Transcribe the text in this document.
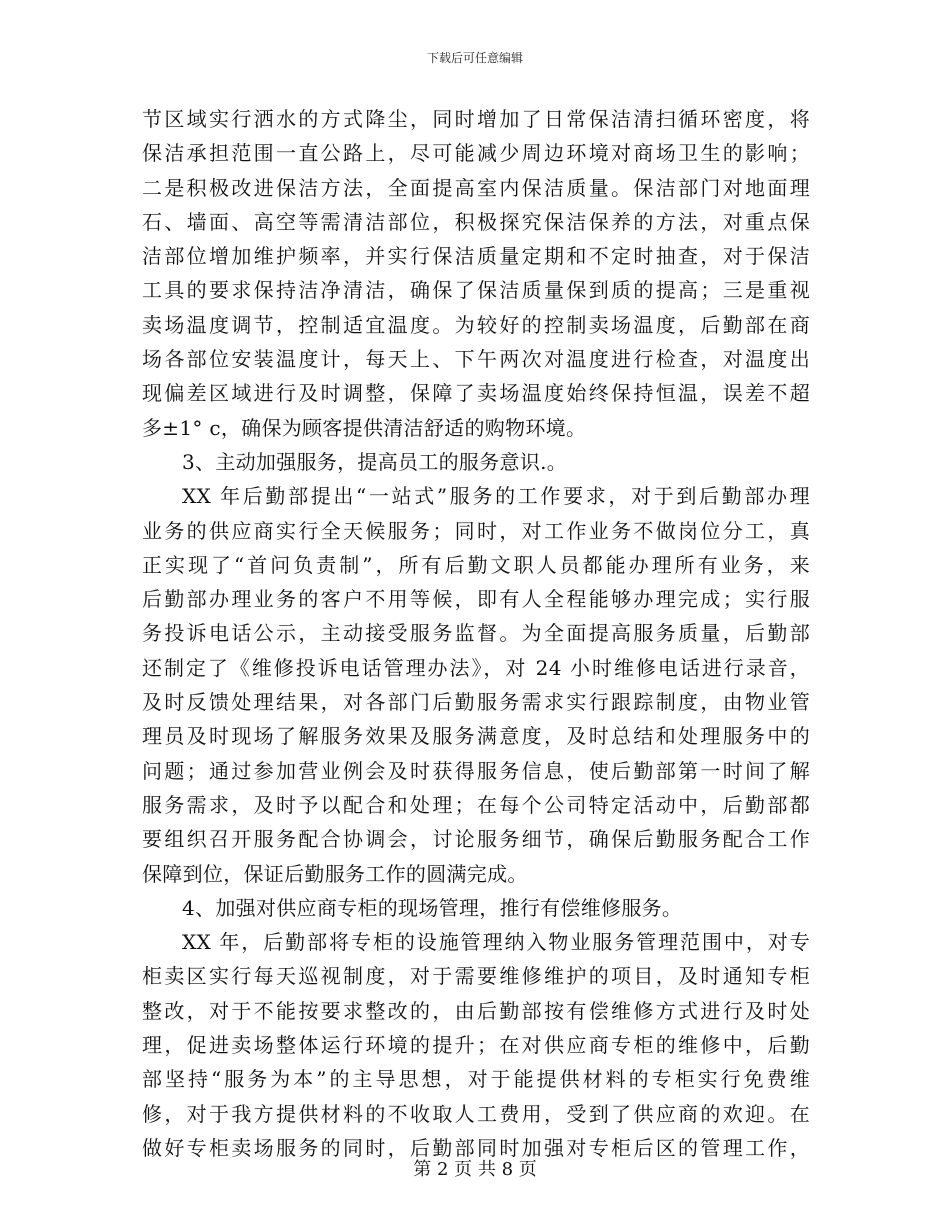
下载后可任意编辑
节区域实行洒水的方式降尘，同时增加了日常保洁清扫循环密度，将
保洁承担范围一直公路上，尽可能减少周边环境对商场卫生的影响；
二是积极改进保洁方法，全面提高室内保洁质量。保洁部门对地面理
石、墙面、高空等需清洁部位，积极探究保洁保养的方法，对重点保
洁部位增加维护频率，并实行保洁质量定期和不定时抽查，对于保洁
工具的要求保持洁净清洁，确保了保洁质量保到质的提高；三是重视
卖场温度调节，控制适宜温度。为较好的控制卖场温度，后勤部在商
场各部位安装温度计，每天上、下午两次对温度进行检查，对温度出
现偏差区域进行及时调整，保障了卖场温度始终保持恒温，误差不超
多±1° c，确保为顾客提供清洁舒适的购物环境。
3、主动加强服务，提高员工的服务意识.。
XX 年后勤部提出“一站式”服务的工作要求，对于到后勤部办理
业务的供应商实行全天候服务；同时，对工作业务不做岗位分工，真
正实现了“首问负责制”，所有后勤文职人员都能办理所有业务，来
后勤部办理业务的客户不用等候，即有人全程能够办理完成；实行服
务投诉电话公示，主动接受服务监督。为全面提高服务质量，后勤部
还制定了《维修投诉电话管理办法》，对 24 小时维修电话进行录音，
及时反馈处理结果，对各部门后勤服务需求实行跟踪制度，由物业管
理员及时现场了解服务效果及服务满意度，及时总结和处理服务中的
问题；通过参加营业例会及时获得服务信息，使后勤部第一时间了解
服务需求，及时予以配合和处理；在每个公司特定活动中，后勤部都
要组织召开服务配合协调会，讨论服务细节，确保后勤服务配合工作
保障到位，保证后勤服务工作的圆满完成。
4、加强对供应商专柜的现场管理，推行有偿维修服务。
XX 年，后勤部将专柜的设施管理纳入物业服务管理范围中，对专
柜卖区实行每天巡视制度，对于需要维修维护的项目，及时通知专柜
整改，对于不能按要求整改的，由后勤部按有偿维修方式进行及时处
理，促进卖场整体运行环境的提升；在对供应商专柜的维修中，后勤
部坚持“服务为本”的主导思想，对于能提供材料的专柜实行免费维
修，对于我方提供材料的不收取人工费用，受到了供应商的欢迎。在
做好专柜卖场服务的同时，后勤部同时加强对专柜后区的管理工作，
第 2 页 共 8 页
